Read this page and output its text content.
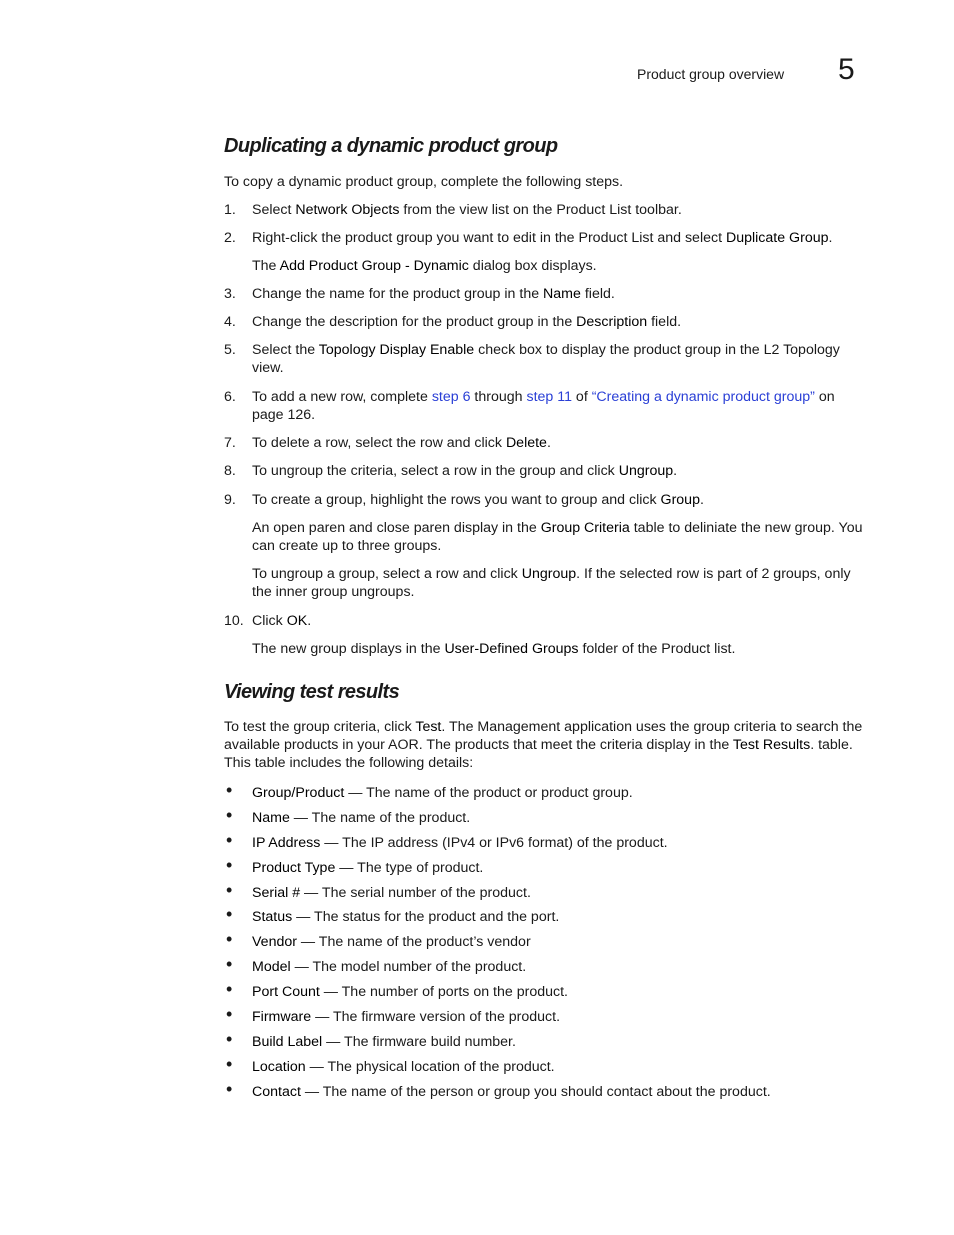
Product group overview 5
Duplicating a dynamic product group

To copy a dynamic product group, complete the following steps.

1.	Select Network Objects from the view list on the Product List toolbar.
2.	Right-click the product group you want to edit in the Product List and select Duplicate Group.

The Add Product Group - Dynamic dialog box displays.

3.	Change the name for the product group in the Name field.
4.	Change the description for the product group in the Description field.
5.	Select the Topology Display Enable check box to display the product group in the L2 Topology view.
6.	To add a new row, complete step 6 through step 11 of “Creating a dynamic product group” on page 126.
7.	To delete a row, select the row and click Delete.
8.	To ungroup the criteria, select a row in the group and click Ungroup.
9.	To create a group, highlight the rows you want to group and click Group.

An open paren and close paren display in the Group Criteria table to deliniate the new group. You can create up to three groups.

To ungroup a group, select a row and click Ungroup. If the selected row is part of 2 groups, only the inner group ungroups.

10. Click OK.

The new group displays in the User-Defined Groups folder of the Product list.

Viewing test results

To test the group criteria, click Test. The Management application uses the group criteria to search the available products in your AOR. The products that meet the criteria display in the Test Results. table. This table includes the following details:

• Group/Product — The name of the product or product group.
• Name — The name of the product.
• IP Address — The IP address (IPv4 or IPv6 format) of the product.
• Product Type — The type of product.
• Serial # — The serial number of the product.
• Status — The status for the product and the port.
• Vendor — The name of the product’s vendor
• Model — The model number of the product.
• Port Count — The number of ports on the product.
• Firmware — The firmware version of the product.
• Build Label — The firmware build number.
• Location — The physical location of the product.
• Contact — The name of the person or group you should contact about the product.
